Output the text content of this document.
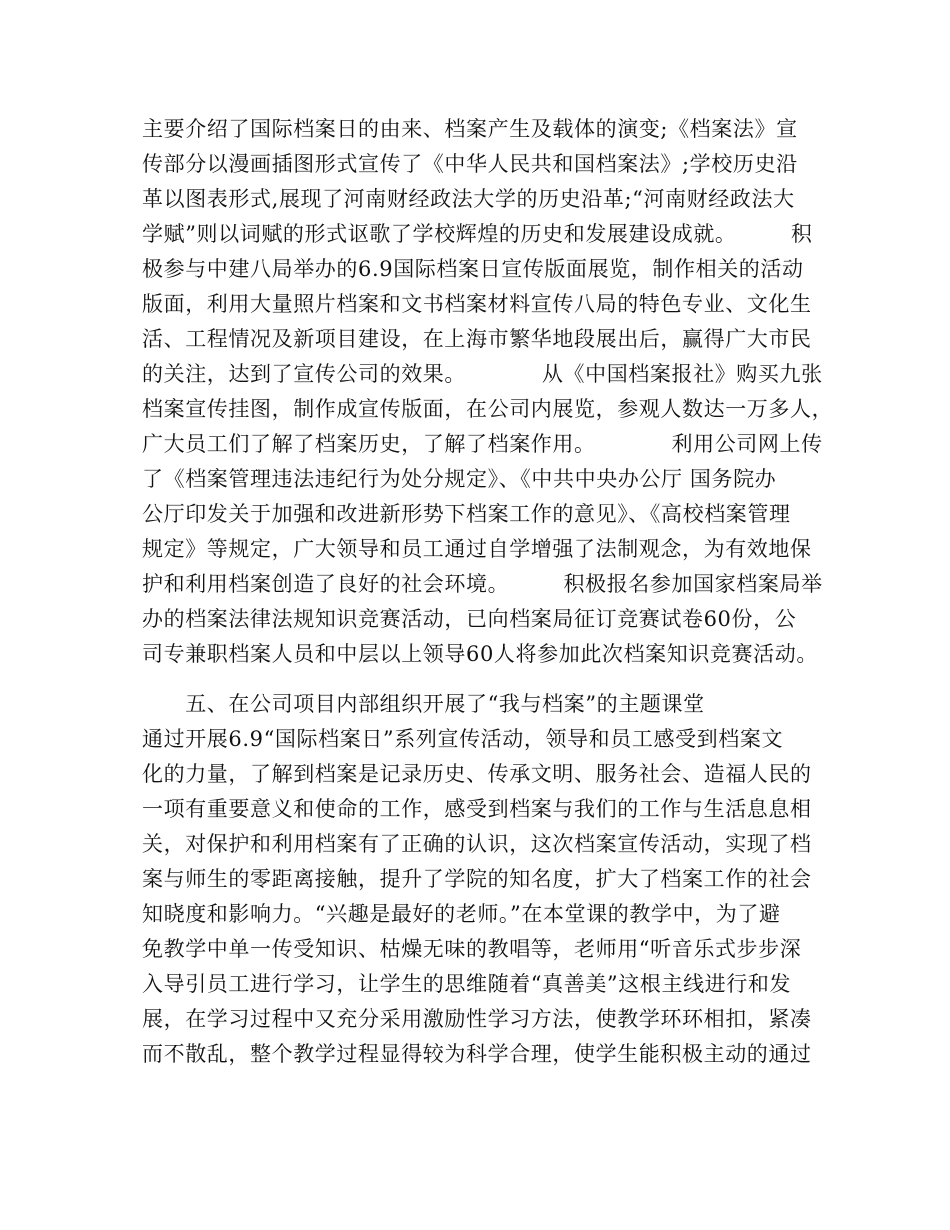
主要介绍了国际档案日的由来、档案产生及载体的演变;《档案法》宣
传部分以漫画插图形式宣传了《中华人民共和国档案法》;学校历史沿
革以图表形式,展现了河南财经政法大学的历史沿革;“河南财经政法大
学赋”则以词赋的形式讴歌了学校辉煌的历史和发展建设成就。　　　积
极参与中建八局举办的6.9国际档案日宣传版面展览，制作相关的活动
版面，利用大量照片档案和文书档案材料宣传八局的特色专业、文化生
活、工程情况及新项目建设，在上海市繁华地段展出后，赢得广大市民
的关注，达到了宣传公司的效果。　　　　从《中国档案报社》购买九张
档案宣传挂图，制作成宣传版面，在公司内展览，参观人数达一万多人，
广大员工们了解了档案历史，了解了档案作用。　　　　利用公司网上传
了《档案管理违法违纪行为处分规定》、《中共中央办公厅 国务院办
公厅印发关于加强和改进新形势下档案工作的意见》、《高校档案管理
规定》等规定，广大领导和员工通过自学增强了法制观念，为有效地保
护和利用档案创造了良好的社会环境。　　　积极报名参加国家档案局举
办的档案法律法规知识竞赛活动，已向档案局征订竞赛试卷60份，公
司专兼职档案人员和中层以上领导60人将参加此次档案知识竞赛活动。
　　五、在公司项目内部组织开展了“我与档案”的主题课堂
通过开展6.9“国际档案日”系列宣传活动，领导和员工感受到档案文
化的力量，了解到档案是记录历史、传承文明、服务社会、造福人民的
一项有重要意义和使命的工作，感受到档案与我们的工作与生活息息相
关，对保护和利用档案有了正确的认识，这次档案宣传活动，实现了档
案与师生的零距离接触，提升了学院的知名度，扩大了档案工作的社会
知晓度和影响力。“兴趣是最好的老师。”在本堂课的教学中，为了避
免教学中单一传受知识、枯燥无味的教唱等，老师用“听音乐式步步深
入导引员工进行学习，让学生的思维随着“真善美”这根主线进行和发
展，在学习过程中又充分采用激励性学习方法，使教学环环相扣，紧凑
而不散乱，整个教学过程显得较为科学合理，使学生能积极主动的通过
